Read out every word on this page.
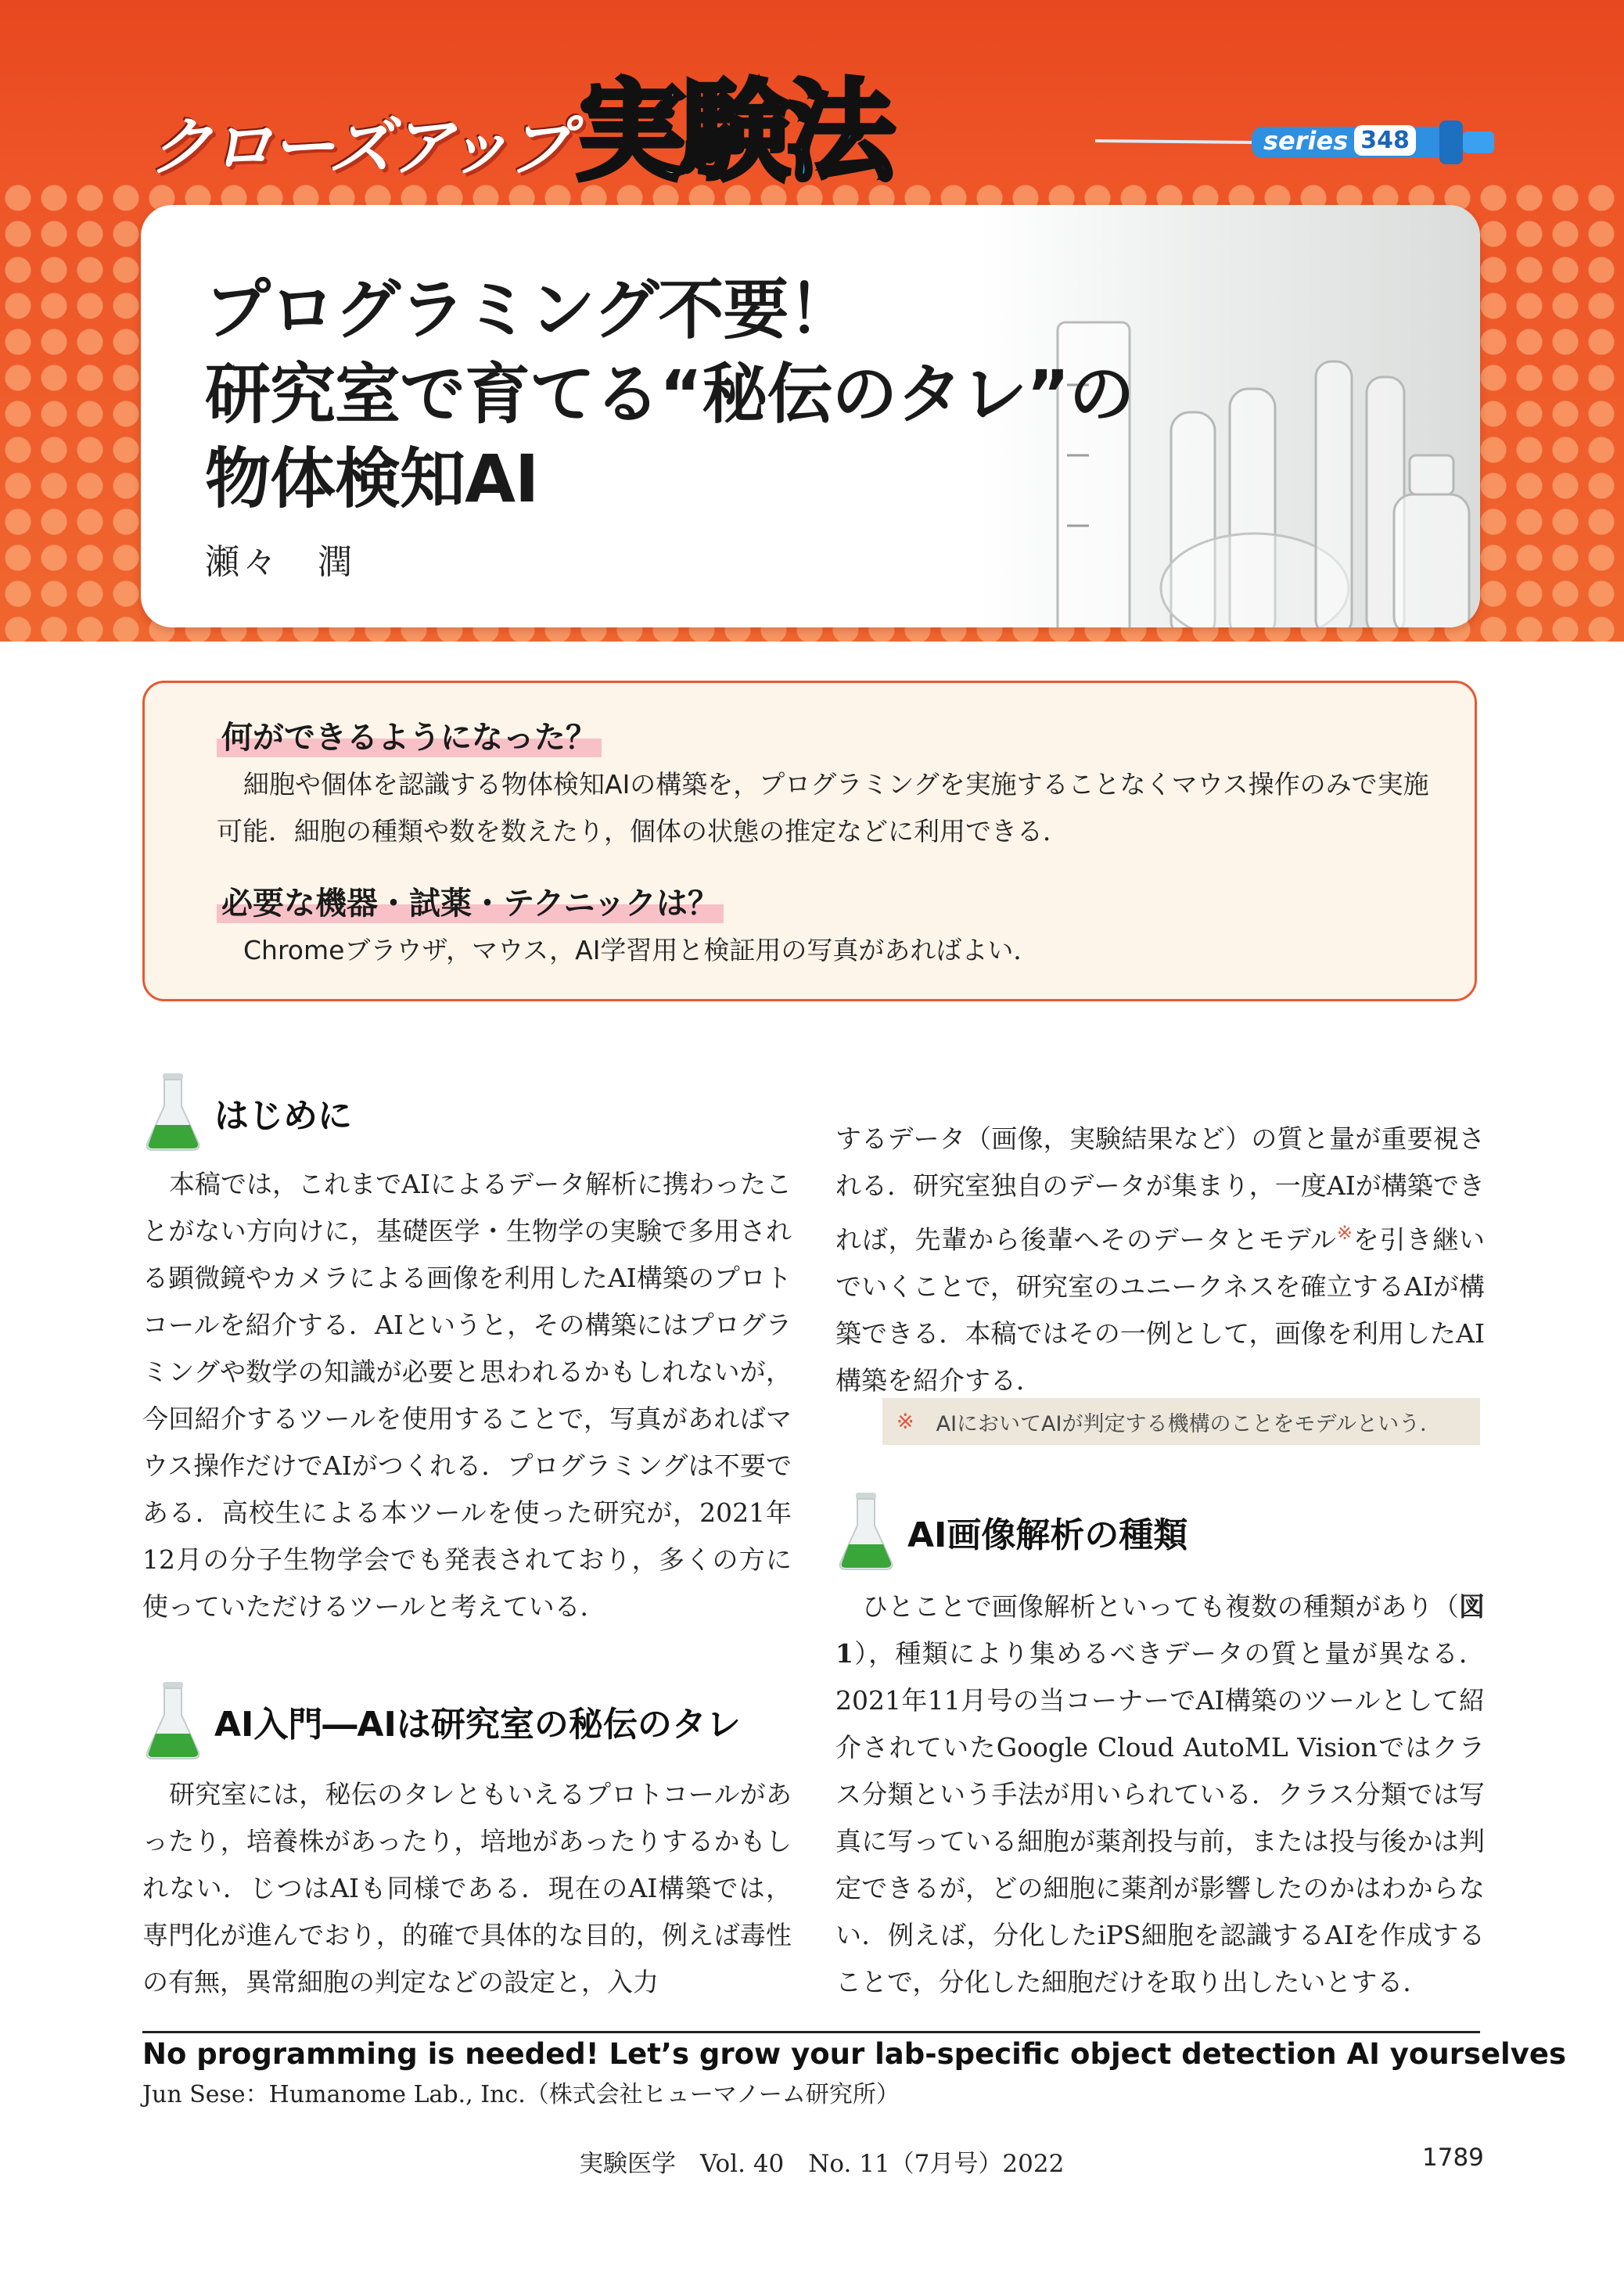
クローズアップ 実験法	series 348
プログラミング不要！
研究室で育てる“秘伝のタレ”の
物体検知AI
瀬々　潤
何ができるようになった？
細胞や個体を認識する物体検知AIの構築を，プログラミングを実施することなくマウス操作のみで実施可能．細胞の種類や数を数えたり，個体の状態の推定などに利用できる．
必要な機器・試薬・テクニックは？
Chromeブラウザ，マウス，AI学習用と検証用の写真があればよい．
はじめに

本稿では，これまでAIによるデータ解析に携わったことがない方向けに，基礎医学・生物学の実験で多用される顕微鏡やカメラによる画像を利用したAI構築のプロトコールを紹介する．AIというと，その構築にはプログラミングや数学の知識が必要と思われるかもしれないが，今回紹介するツールを使用することで，写真があればマウス操作だけでAIがつくれる．プログラミングは不要である．高校生による本ツールを使った研究が，2021年12月の分子生物学会でも発表されており，多くの方に使っていただけるツールと考えている．

AI入門―AIは研究室の秘伝のタレ

研究室には，秘伝のタレともいえるプロトコールがあったり，培養株があったり，培地があったりするかもしれない．じつはAIも同様である．現在のAI構築では，専門化が進んでおり，的確で具体的な目的，例えば毒性の有無，異常細胞の判定などの設定と，入力

するデータ（画像，実験結果など）の質と量が重要視される．研究室独自のデータが集まり，一度AIが構築できれば，先輩から後輩へそのデータとモデル※を引き継いでいくことで，研究室のユニークネスを確立するAIが構築できる．本稿ではその一例として，画像を利用したAI構築を紹介する．

※ AIにおいてAIが判定する機構のことをモデルという．
AI画像解析の種類

ひとことで画像解析といっても複数の種類があり（図1），種類により集めるべきデータの質と量が異なる．2021年11月号の当コーナーでAI構築のツールとして紹介されていたGoogle Cloud AutoML Visionではクラス分類という手法が用いられている．クラス分類では写真に写っている細胞が薬剤投与前，または投与後かは判定できるが，どの細胞に薬剤が影響したのかはわからない．例えば，分化したiPS細胞を認識するAIを作成することで，分化した細胞だけを取り出したいとする．

No programming is needed! Let’s grow your lab-specific object detection AI yourselves
Jun Sese：Humanome Lab., Inc.（株式会社ヒューマノーム研究所）
実験医学　Vol. 40　No. 11（7月号）2022	1789
